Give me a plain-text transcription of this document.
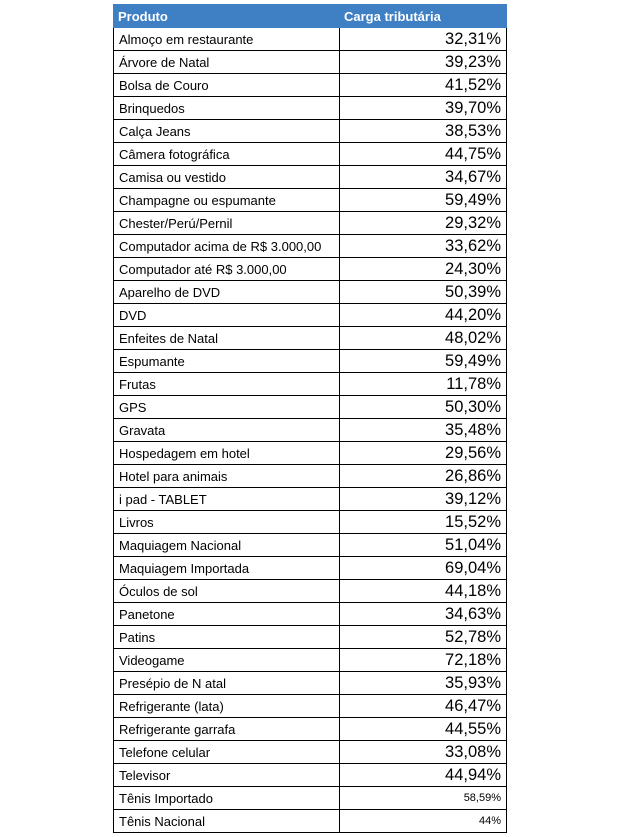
Produto	Carga tributária
Almoço em restaurante	32,31%
Árvore de Natal	39,23%
Bolsa de Couro	41,52%
Brinquedos	39,70%
Calça Jeans	38,53%
Câmera fotográfica	44,75%
Camisa ou vestido	34,67%
Champagne ou espumante	59,49%
Chester/Perú/Pernil	29,32%
Computador acima de R$ 3.000,00	33,62%
Computador até R$ 3.000,00	24,30%
Aparelho de DVD	50,39%
DVD	44,20%
Enfeites de Natal	48,02%
Espumante	59,49%
Frutas	11,78%
GPS	50,30%
Gravata	35,48%
Hospedagem em hotel	29,56%
Hotel para animais	26,86%
i pad - TABLET	39,12%
Livros	15,52%
Maquiagem Nacional	51,04%
Maquiagem Importada	69,04%
Óculos de sol	44,18%
Panetone	34,63%
Patins	52,78%
Videogame	72,18%
Presépio de N atal	35,93%
Refrigerante (lata)	46,47%
Refrigerante garrafa	44,55%
Telefone celular	33,08%
Televisor	44,94%
Tênis Importado	58,59%
Tênis Nacional	44%
